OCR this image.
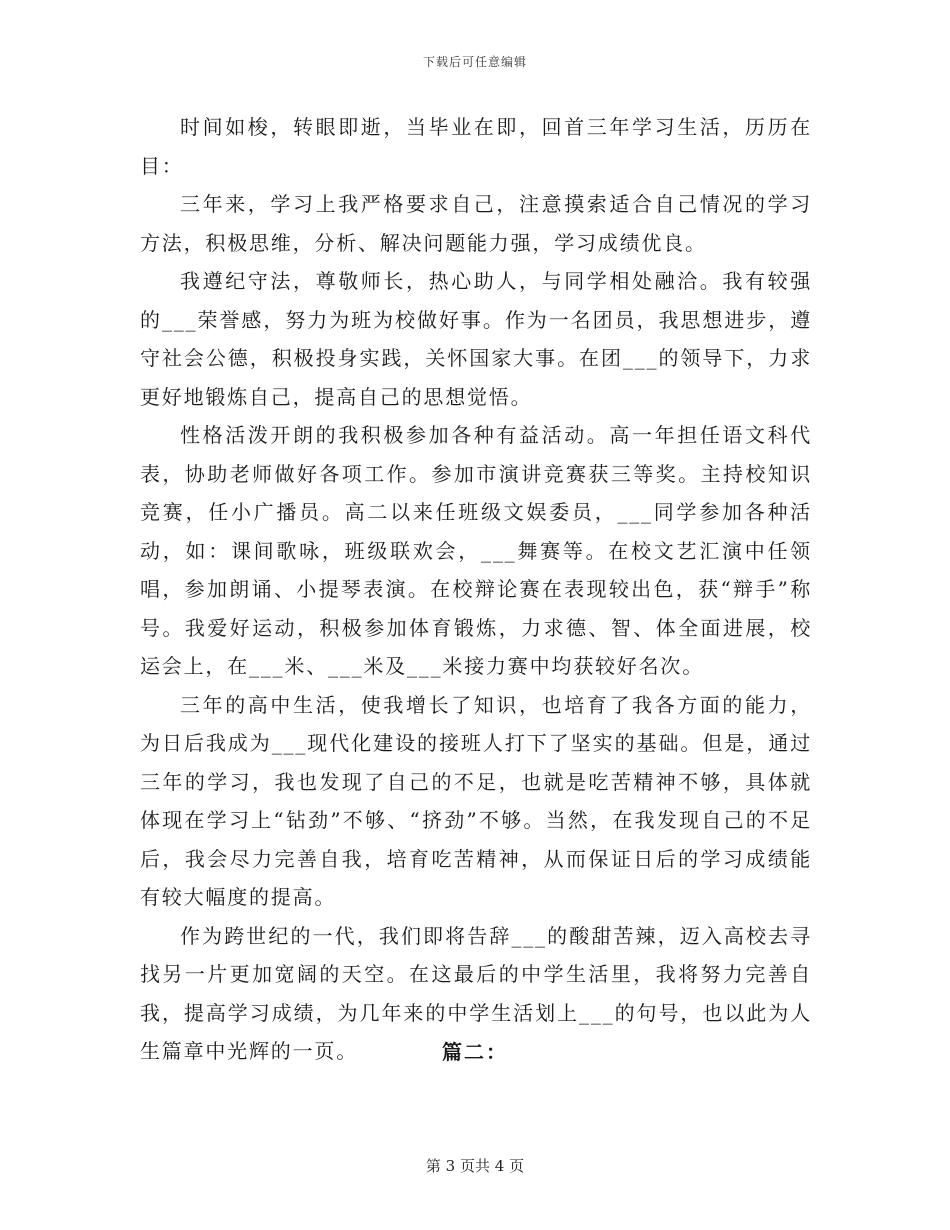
下载后可任意编辑

时间如梭，转眼即逝，当毕业在即，回首三年学习生活，历历在目：

三年来，学习上我严格要求自己，注意摸索适合自己情况的学习方法，积极思维，分析、解决问题能力强，学习成绩优良。

我遵纪守法，尊敬师长，热心助人，与同学相处融洽。我有较强的___荣誉感，努力为班为校做好事。作为一名团员，我思想进步，遵守社会公德，积极投身实践，关怀国家大事。在团___的领导下，力求更好地锻炼自己，提高自己的思想觉悟。

性格活泼开朗的我积极参加各种有益活动。高一年担任语文科代表，协助老师做好各项工作。参加市演讲竞赛获三等奖。主持校知识竞赛，任小广播员。高二以来任班级文娱委员，___同学参加各种活动，如：课间歌咏，班级联欢会，___舞赛等。在校文艺汇演中任领唱，参加朗诵、小提琴表演。在校辩论赛在表现较出色，获“辩手”称号。我爱好运动，积极参加体育锻炼，力求德、智、体全面进展，校运会上，在___米、___米及___米接力赛中均获较好名次。

三年的高中生活，使我增长了知识，也培育了我各方面的能力，为日后我成为___现代化建设的接班人打下了坚实的基础。但是，通过三年的学习，我也发现了自己的不足，也就是吃苦精神不够，具体就体现在学习上“钻劲”不够、“挤劲”不够。当然，在我发现自己的不足后，我会尽力完善自我，培育吃苦精神，从而保证日后的学习成绩能有较大幅度的提高。

作为跨世纪的一代，我们即将告辞___的酸甜苦辣，迈入高校去寻找另一片更加宽阔的天空。在这最后的中学生活里，我将努力完善自我，提高学习成绩，为几年来的中学生活划上___的句号，也以此为人生篇章中光辉的一页。	篇二：
第 3 页共 4 页
